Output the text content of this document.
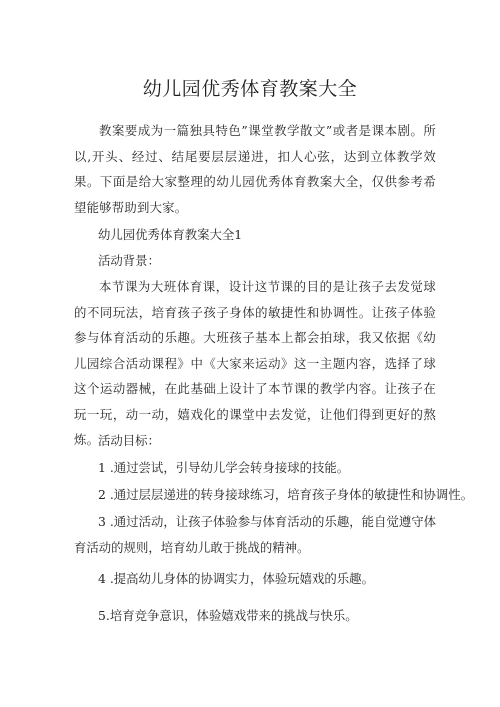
幼儿园优秀体育教案大全
教案要成为一篇独具特色”课堂教学散文”或者是课本剧。所以,开头、经过、结尾要层层递进，扣人心弦，达到立体教学效果。下面是给大家整理的幼儿园优秀体育教案大全，仅供参考希望能够帮助到大家。
幼儿园优秀体育教案大全1
活动背景：
本节课为大班体育课，设计这节课的目的是让孩子去发觉球的不同玩法，培育孩子孩子身体的敏捷性和协调性。让孩子体验参与体育活动的乐趣。大班孩子基本上都会拍球，我又依据《幼儿园综合活动课程》中《大家来运动》这一主题内容，选择了球这个运动器械，在此基础上设计了本节课的教学内容。让孩子在玩一玩，动一动，嬉戏化的课堂中去发觉，让他们得到更好的熬炼。
活动目标：
1 .通过尝试，引导幼儿学会转身接球的技能。
2 .通过层层递进的转身接球练习，培育孩子身体的敏捷性和协调性。
3 .通过活动，让孩子体验参与体育活动的乐趣，能自觉遵守体育活动的规则，培育幼儿敢于挑战的精神。
4 .提高幼儿身体的协调实力，体验玩嬉戏的乐趣。
5.培育竞争意识，体验嬉戏带来的挑战与快乐。
